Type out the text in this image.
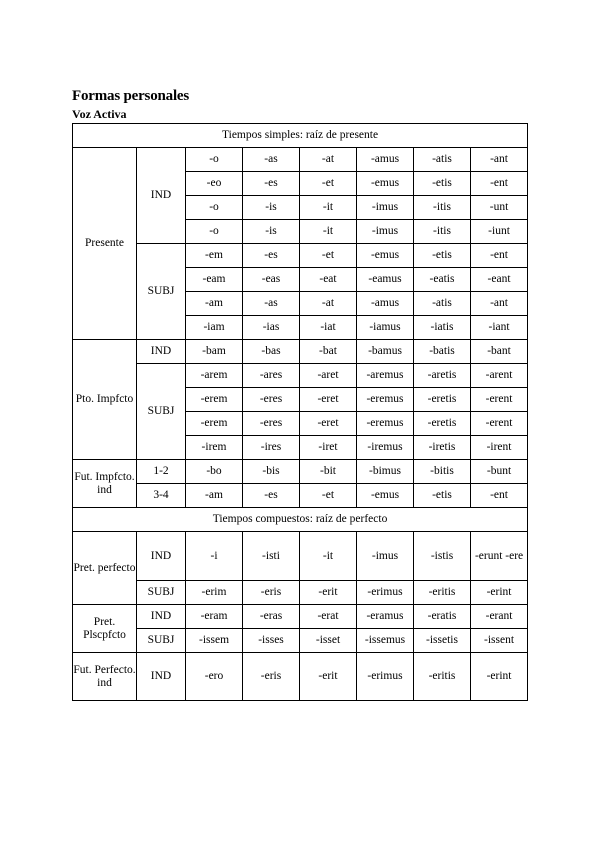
Formas personales
Voz Activa
Tiempos simples: raíz de presente							
Presente	IND	-o	-as	-at	-amus	-atis	-ant
		-eo	-es	-et	-emus	-etis	-ent
		-o	-is	-it	-imus	-itis	-unt
		-o	-is	-it	-imus	-itis	-iunt
	SUBJ	-em	-es	-et	-emus	-etis	-ent
		-eam	-eas	-eat	-eamus	-eatis	-eant
		-am	-as	-at	-amus	-atis	-ant
		-iam	-ias	-iat	-iamus	-iatis	-iant
Pto. Impfcto	IND	-bam	-bas	-bat	-bamus	-batis	-bant
	SUBJ	-arem	-ares	-aret	-aremus	-aretis	-arent
		-erem	-eres	-eret	-eremus	-eretis	-erent
		-erem	-eres	-eret	-eremus	-eretis	-erent
		-irem	-ires	-iret	-iremus	-iretis	-irent
Fut. Impfcto. ind	1-2	-bo	-bis	-bit	-bimus	-bitis	-bunt
	3-4	-am	-es	-et	-emus	-etis	-ent
Tiempos compuestos: raíz de perfecto							
Pret. perfecto	IND	-i	-isti	-it	-imus	-istis	-erunt -ere
	SUBJ	-erim	-eris	-erit	-erimus	-eritis	-erint
Pret. Plscpfcto	IND	-eram	-eras	-erat	-eramus	-eratis	-erant
	SUBJ	-issem	-isses	-isset	-issemus	-issetis	-issent
Fut. Perfecto. ind	IND	-ero	-eris	-erit	-erimus	-eritis	-erint
